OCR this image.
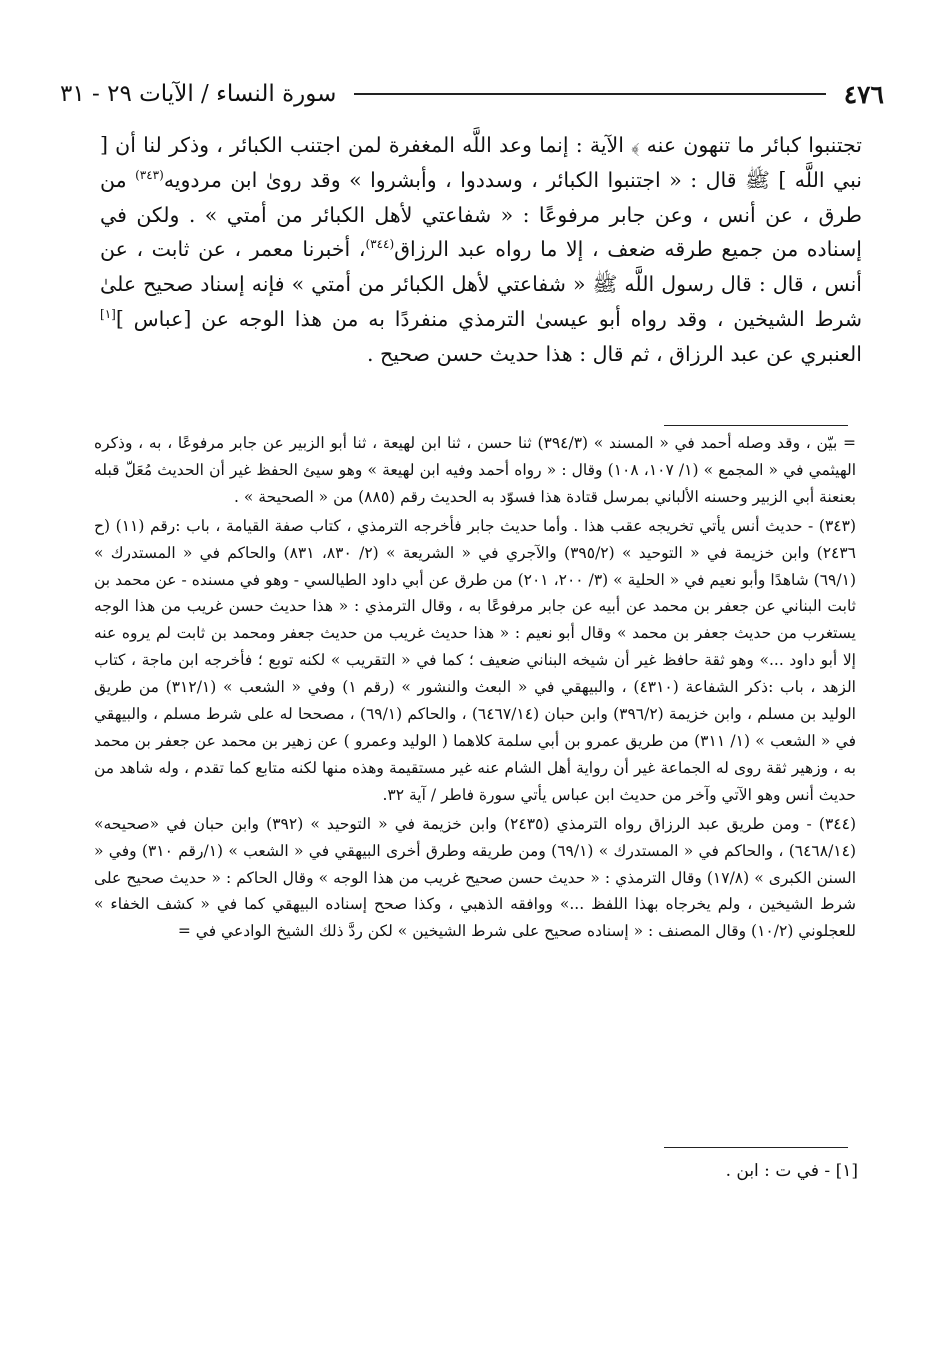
٤٧٦
سورة النساء / الآيات ٢٩ - ٣١

تجتنبوا كبائر ما تنهون عنه ﴾ الآية : إنما وعد اللَّه المغفرة لمن اجتنب الكبائر ، وذكر لنا أن [ نبي اللَّه ] ﷺ قال : « اجتنبوا الكبائر ، وسددوا ، وأبشروا » وقد روىٰ ابن مردويه$^{(٣٤٣)}$ من طرق ، عن أنس ، وعن جابر مرفوعًا : « شفاعتي لأهل الكبائر من أمتي » . ولكن في إسناده من جميع طرقه ضعف ، إلا ما رواه عبد الرزاق$^{(٣٤٤)}$، أخبرنا معمر ، عن ثابت ، عن أنس ، قال : قال رسول اللَّه ﷺ « شفاعتي لأهل الكبائر من أمتي » فإنه إسناد صحيح علىٰ شرط الشيخين ، وقد رواه أبو عيسىٰ الترمذي منفردًا به من هذا الوجه عن [عباس ][١] العنبري عن عبد الرزاق ، ثم قال : هذا حديث حسن صحيح .

= بيّن ، وقد وصله أحمد في « المسند » (٣٩٤/٣) ثنا حسن ، ثنا ابن لهيعة ، ثنا أبو الزبير عن جابر مرفوعًا ، به ، وذكره الهيثمي في « المجمع » (١/ ١٠٧، ١٠٨) وقال : « رواه أحمد وفيه ابن لهيعة » وهو سيئ الحفظ غير أن الحديث مُعَلّ قبله بعنعنة أبي الزبير وحسنه الألباني بمرسل قتادة هذا فسوّد به الحديث رقم (٨٨٥) من « الصحيحة » .

(٣٤٣) - حديث أنس يأتي تخريجه عقب هذا . وأما حديث جابر فأخرجه الترمذي ، كتاب صفة القيامة ، باب :رقم (١١) (ح ٢٤٣٦) وابن خزيمة في « التوحيد » (٣٩٥/٢) والآجري في « الشريعة » (٢/ ٨٣٠، ٨٣١) والحاكم في « المستدرك » (٦٩/١) شاهدًا وأبو نعيم في « الحلية » (٣/ ٢٠٠، ٢٠١) من طرق عن أبي داود الطيالسي - وهو في مسنده - عن محمد بن ثابت البناني عن جعفر بن محمد عن أبيه عن جابر مرفوعًا به ، وقال الترمذي : « هذا حديث حسن غريب من هذا الوجه يستغرب من حديث جعفر بن محمد » وقال أبو نعيم : « هذا حديث غريب من حديث جعفر ومحمد بن ثابت لم يروه عنه إلا أبو داود ...» وهو ثقة حافظ غير أن شيخه البناني ضعيف ؛ كما في « التقريب » لكنه توبع ؛ فأخرجه ابن ماجة ، كتاب الزهد ، باب :ذكر الشفاعة (٤٣١٠) ، والبيهقي في « البعث والنشور » (رقم ١) وفي « الشعب » (٣١٢/١) من طريق الوليد بن مسلم ، وابن خزيمة (٣٩٦/٢) وابن حبان (٦٤٦٧/١٤) ، والحاكم (٦٩/١) ، مصححا له على شرط مسلم ، والبيهقي في « الشعب » (١/ ٣١١) من طريق عمرو بن أبي سلمة كلاهما ( الوليد وعمرو ) عن زهير بن محمد عن جعفر بن محمد به ، وزهير ثقة روى له الجماعة غير أن رواية أهل الشام عنه غير مستقيمة وهذه منها لكنه متابع كما تقدم ، وله شاهد من حديث أنس وهو الآتي وآخر من حديث ابن عباس يأتي سورة فاطر / آية ٣٢.

(٣٤٤) - ومن طريق عبد الرزاق رواه الترمذي (٢٤٣٥) وابن خزيمة في « التوحيد » (٣٩٢) وابن حبان في «صحيحه» (٦٤٦٨/١٤) ، والحاكم في « المستدرك » (٦٩/١) ومن طريقه وطرق أخرى البيهقي في « الشعب » (١/رقم ٣١٠) وفي « السنن الكبرى » (١٧/٨) وقال الترمذي : « حديث حسن صحيح غريب من هذا الوجه » وقال الحاكم : « حديث صحيح على شرط الشيخين ، ولم يخرجاه بهذا اللفظ ...» ووافقه الذهبي ، وكذا صحح إسناده البيهقي كما في « كشف الخفاء » للعجلوني (١٠/٢) وقال المصنف : « إسناده صحيح على شرط الشيخين » لكن ردَّ ذلك الشيخ الوادعي في =

[١] - في ت : ابن .
